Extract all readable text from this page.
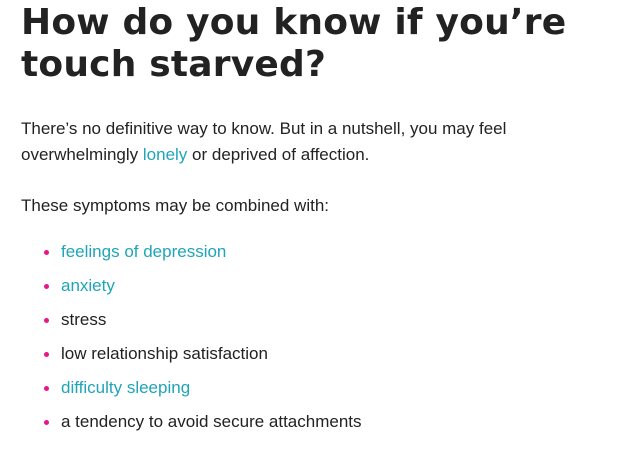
How do you know if you’re touch starved?

There’s no definitive way to know. But in a nutshell, you may feel overwhelmingly lonely or deprived of affection.

These symptoms may be combined with:

feelings of depression
anxiety
stress
low relationship satisfaction
difficulty sleeping
a tendency to avoid secure attachments
